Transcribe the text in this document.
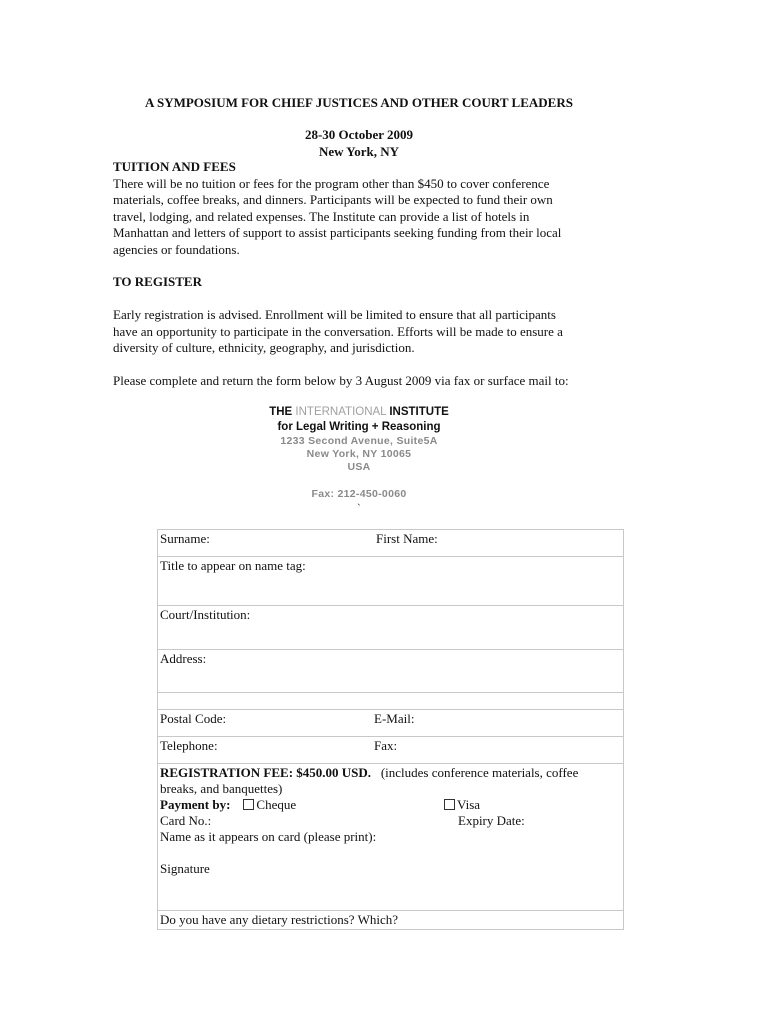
A SYMPOSIUM FOR CHIEF JUSTICES AND OTHER COURT LEADERS
28-30 October 2009
New York, NY
TUITION AND FEES
There will be no tuition or fees for the program other than $450 to cover conference
materials, coffee breaks, and dinners. Participants will be expected to fund their own
travel, lodging, and related expenses. The Institute can provide a list of hotels in
Manhattan and letters of support to assist participants seeking funding from their local
agencies or foundations.
TO REGISTER
Early registration is advised. Enrollment will be limited to ensure that all participants
have an opportunity to participate in the conversation. Efforts will be made to ensure a
diversity of culture, ethnicity, geography, and jurisdiction.
Please complete and return the form below by 3 August 2009 via fax or surface mail to:
THE INTERNATIONAL INSTITUTE
for Legal Writing + Reasoning
1233 Second Avenue, Suite5A
New York, NY 10065
USA
Fax: 212-450-0060
`
Surname:	First Name:

Title to appear on name tag:
Court/Institution:
Address:

Postal Code:	E-Mail:

Telephone:	Fax:

REGISTRATION FEE: $450.00 USD. (includes conference materials, coffee
breaks, and banquettes)
Payment by: Cheque	Visa
Card No.:	Expiry Date:
Name as it appears on card (please print):
Signature

Do you have any dietary restrictions? Which?
